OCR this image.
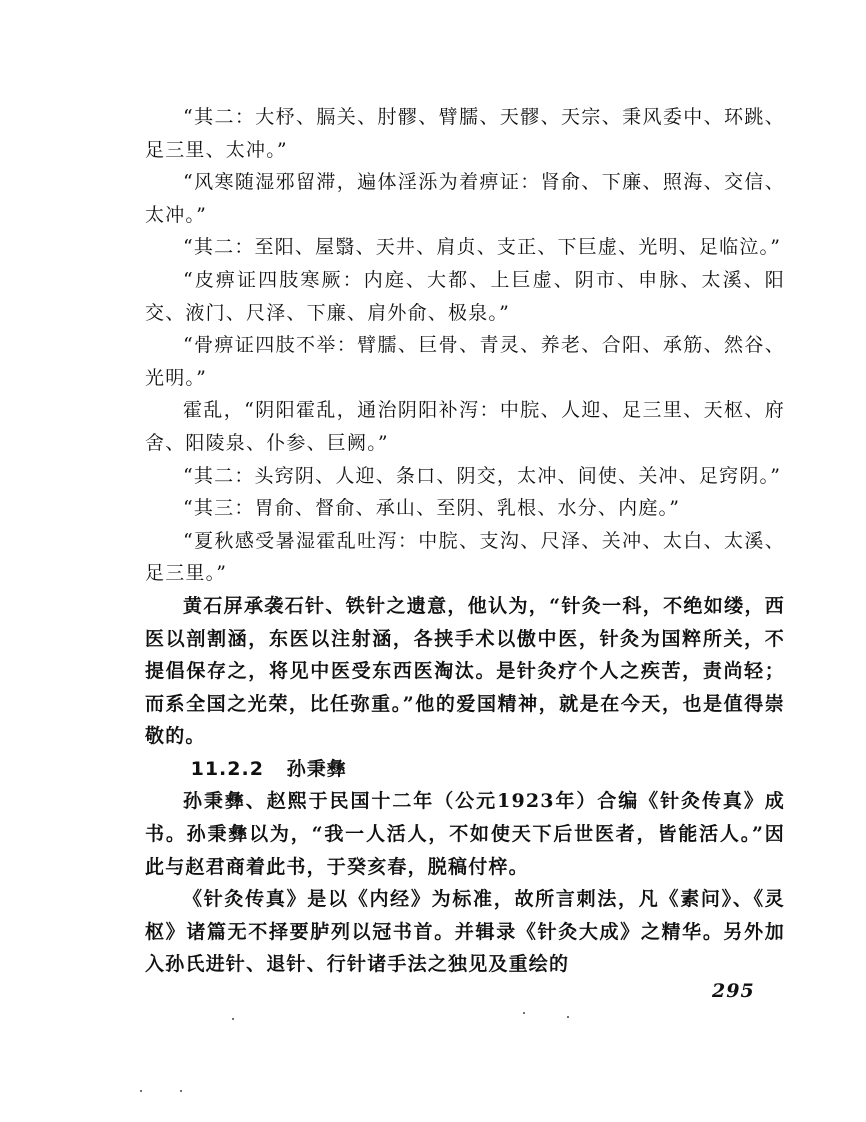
“其二：大杼、膈关、肘髎、臂臑、天髎、天宗、秉风委中、环跳、足三里、太冲。”

“风寒随湿邪留滞，遍体淫泺为着痹证：肾俞、下廉、照海、交信、太冲。”

“其二：至阳、屋翳、天井、肩贞、支正、下巨虚、光明、足临泣。”

“皮痹证四肢寒厥：内庭、大都、上巨虚、阴市、申脉、太溪、阳交、液门、尺泽、下廉、肩外俞、极泉。”

“骨痹证四肢不举：臂臑、巨骨、青灵、养老、合阳、承筋、然谷、光明。”

霍乱，“阴阳霍乱，通治阴阳补泻：中脘、人迎、足三里、天枢、府舍、阳陵泉、仆参、巨阙。”

“其二：头窍阴、人迎、条口、阴交，太冲、间使、关冲、足窍阴。”

“其三：胃俞、督俞、承山、至阴、乳根、水分、内庭。”

“夏秋感受暑湿霍乱吐泻：中脘、支沟、尺泽、关冲、太白、太溪、足三里。”

黄石屏承袭石针、铁针之遗意，他认为，“针灸一科，不绝如缕，西医以剖割涵，东医以注射涵，各挟手术以傲中医，针灸为国粹所关，不提倡保存之，将见中医受东西医淘汰。是针灸疗个人之疾苦，责尚轻；而系全国之光荣，比任弥重。”他的爱国精神，就是在今天，也是值得崇敬的。

11.2.2 孙秉彝

孙秉彝、赵熙于民国十二年（公元1923年）合编《针灸传真》成书。孙秉彝以为，“我一人活人，不如使天下后世医者，皆能活人。”因此与赵君商着此书，于癸亥春，脱稿付梓。

《针灸传真》是以《内经》为标准，故所言刺法，凡《素问》、《灵枢》诸篇无不择要胪列以冠书首。并辑录《针灸大成》之精华。另外加入孙氏进针、退针、行针诸手法之独见及重绘的

295
